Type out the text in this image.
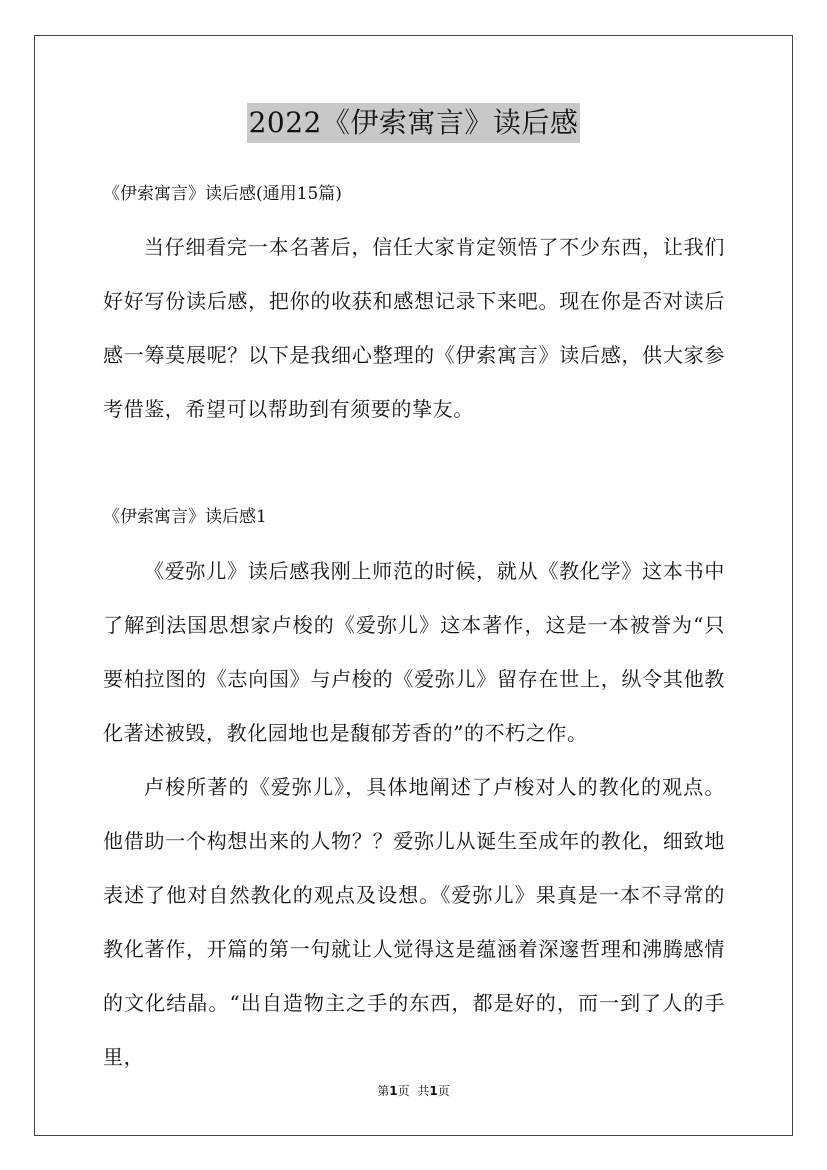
2022《伊索寓言》读后感
《伊索寓言》读后感(通用15篇)

当仔细看完一本名著后，信任大家肯定领悟了不少东西，让我们好好写份读后感，把你的收获和感想记录下来吧。现在你是否对读后感一筹莫展呢？以下是我细心整理的《伊索寓言》读后感，供大家参考借鉴，希望可以帮助到有须要的挚友。

《伊索寓言》读后感1

《爱弥儿》读后感我刚上师范的时候，就从《教化学》这本书中了解到法国思想家卢梭的《爱弥儿》这本著作，这是一本被誉为“只要柏拉图的《志向国》与卢梭的《爱弥儿》留存在世上，纵令其他教化著述被毁，教化园地也是馥郁芳香的”的不朽之作。

卢梭所著的《爱弥儿》，具体地阐述了卢梭对人的教化的观点。他借助一个构想出来的人物？？爱弥儿从诞生至成年的教化，细致地表述了他对自然教化的观点及设想。《爱弥儿》果真是一本不寻常的教化著作，开篇的第一句就让人觉得这是蕴涵着深邃哲理和沸腾感情的文化结晶。“出自造物主之手的东西，都是好的，而一到了人的手里，

第1页 共1页
